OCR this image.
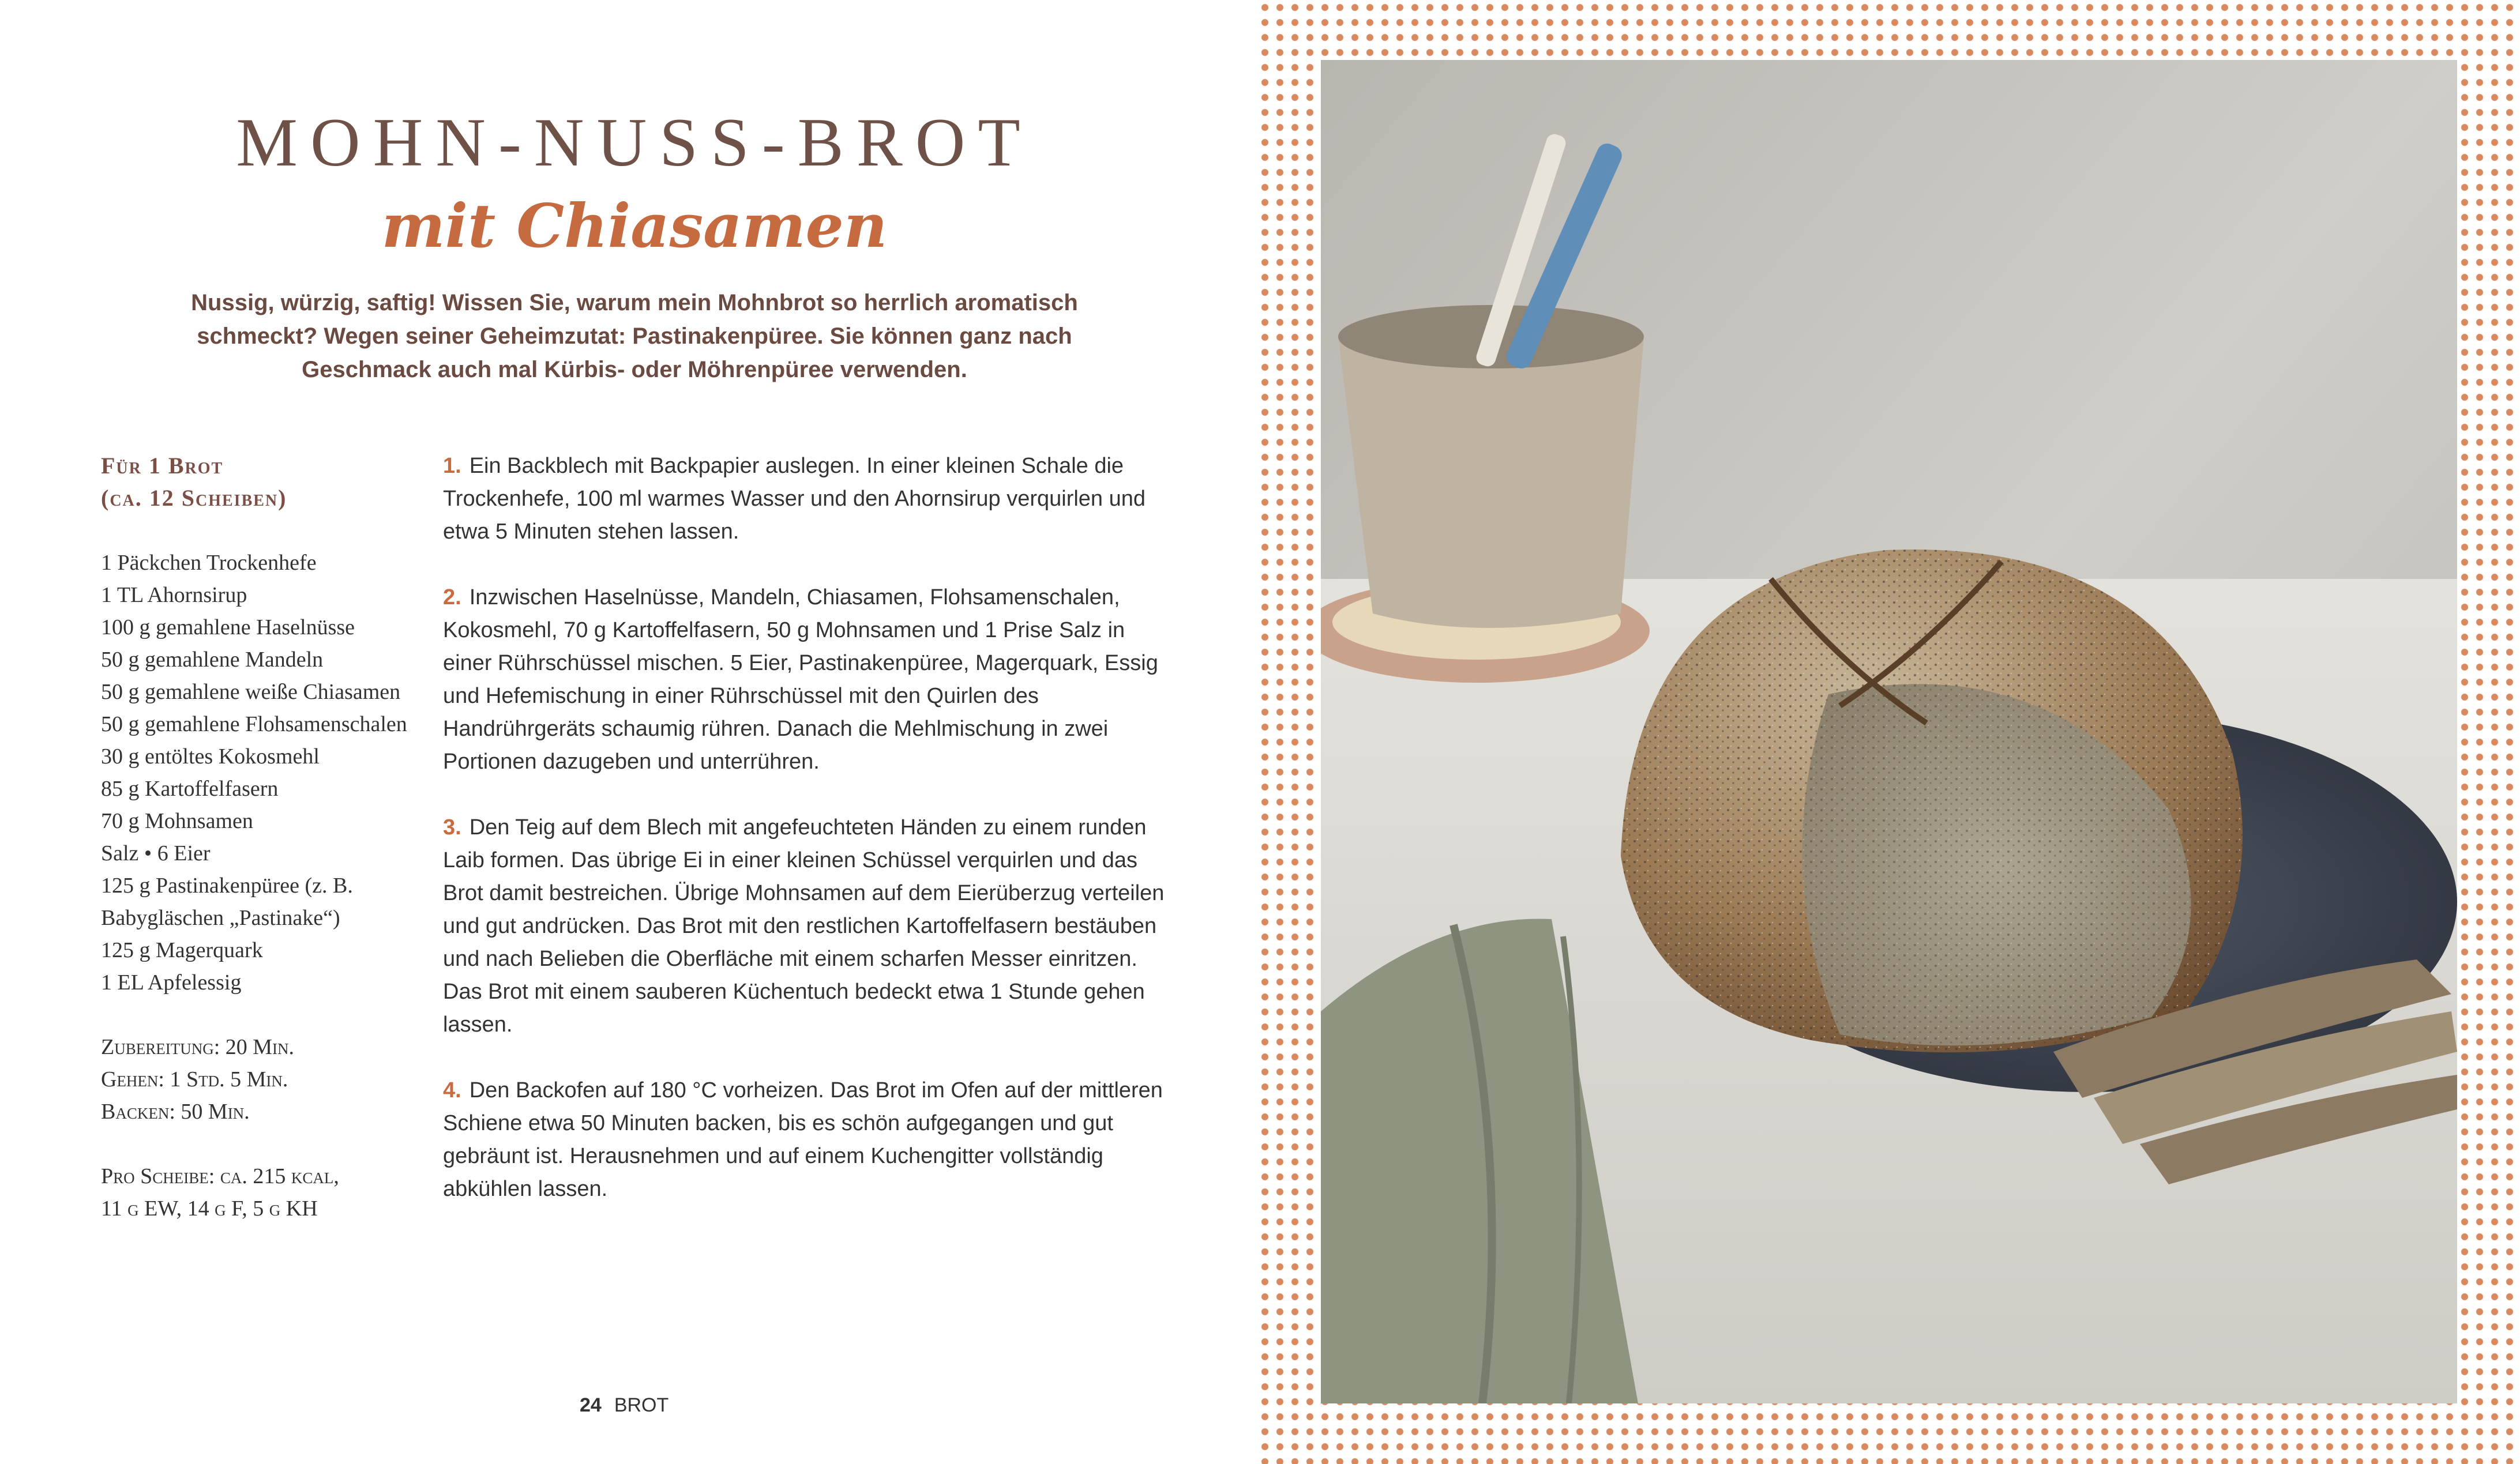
MOHN-NUSS-BROT
mit Chiasamen

Nussig, würzig, saftig! Wissen Sie, warum mein Mohnbrot so herrlich aromatisch schmeckt? Wegen seiner Geheimzutat: Pastinakenpüree. Sie können ganz nach Geschmack auch mal Kürbis- oder Möhrenpüree verwenden.

Für 1 Brot

(ca. 12 Scheiben)

1 Päckchen Trockenhefe
1 TL Ahornsirup
100 g gemahlene Haselnüsse
50 g gemahlene Mandeln
50 g gemahlene weiße Chiasamen
50 g gemahlene Flohsamenschalen
30 g entöltes Kokosmehl
85 g Kartoffelfasern
70 g Mohnsamen
Salz • 6 Eier
125 g Pastinakenpüree (z. B. Babygläschen „Pastinake“)
125 g Magerquark
1 EL Apfelessig

Zubereitung: 20 Min.

Gehen: 1 Std. 5 Min.

Backen: 50 Min.

Pro Scheibe: ca. 215 kcal,
11 g EW, 14 g F, 5 g KH

1. Ein Backblech mit Backpapier auslegen. In einer kleinen Schale die Trockenhefe, 100 ml warmes Wasser und den Ahornsirup verquirlen und etwa 5 Minuten stehen lassen.

2. Inzwischen Haselnüsse, Mandeln, Chiasamen, Flohsamenschalen, Kokosmehl, 70 g Kartoffelfasern, 50 g Mohnsamen und 1 Prise Salz in einer Rührschüssel mischen. 5 Eier, Pastinakenpüree, Magerquark, Essig und Hefemischung in einer Rührschüssel mit den Quirlen des Handrührgeräts schaumig rühren. Danach die Mehlmischung in zwei Portionen dazugeben und unterrühren.

3. Den Teig auf dem Blech mit angefeuchteten Händen zu einem runden Laib formen. Das übrige Ei in einer kleinen Schüssel verquirlen und das Brot damit bestreichen. Übrige Mohnsamen auf dem Eierüberzug verteilen und gut andrücken. Das Brot mit den restlichen Kartoffelfasern bestäuben und nach Belieben die Oberfläche mit einem scharfen Messer einritzen. Das Brot mit einem sauberen Küchentuch bedeckt etwa 1 Stunde gehen lassen.

4. Den Backofen auf 180 °C vorheizen. Das Brot im Ofen auf der mittleren Schiene etwa 50 Minuten backen, bis es schön aufgegangen und gut gebräunt ist. Herausnehmen und auf einem Kuchengitter vollständig abkühlen lassen.

24 BROT
